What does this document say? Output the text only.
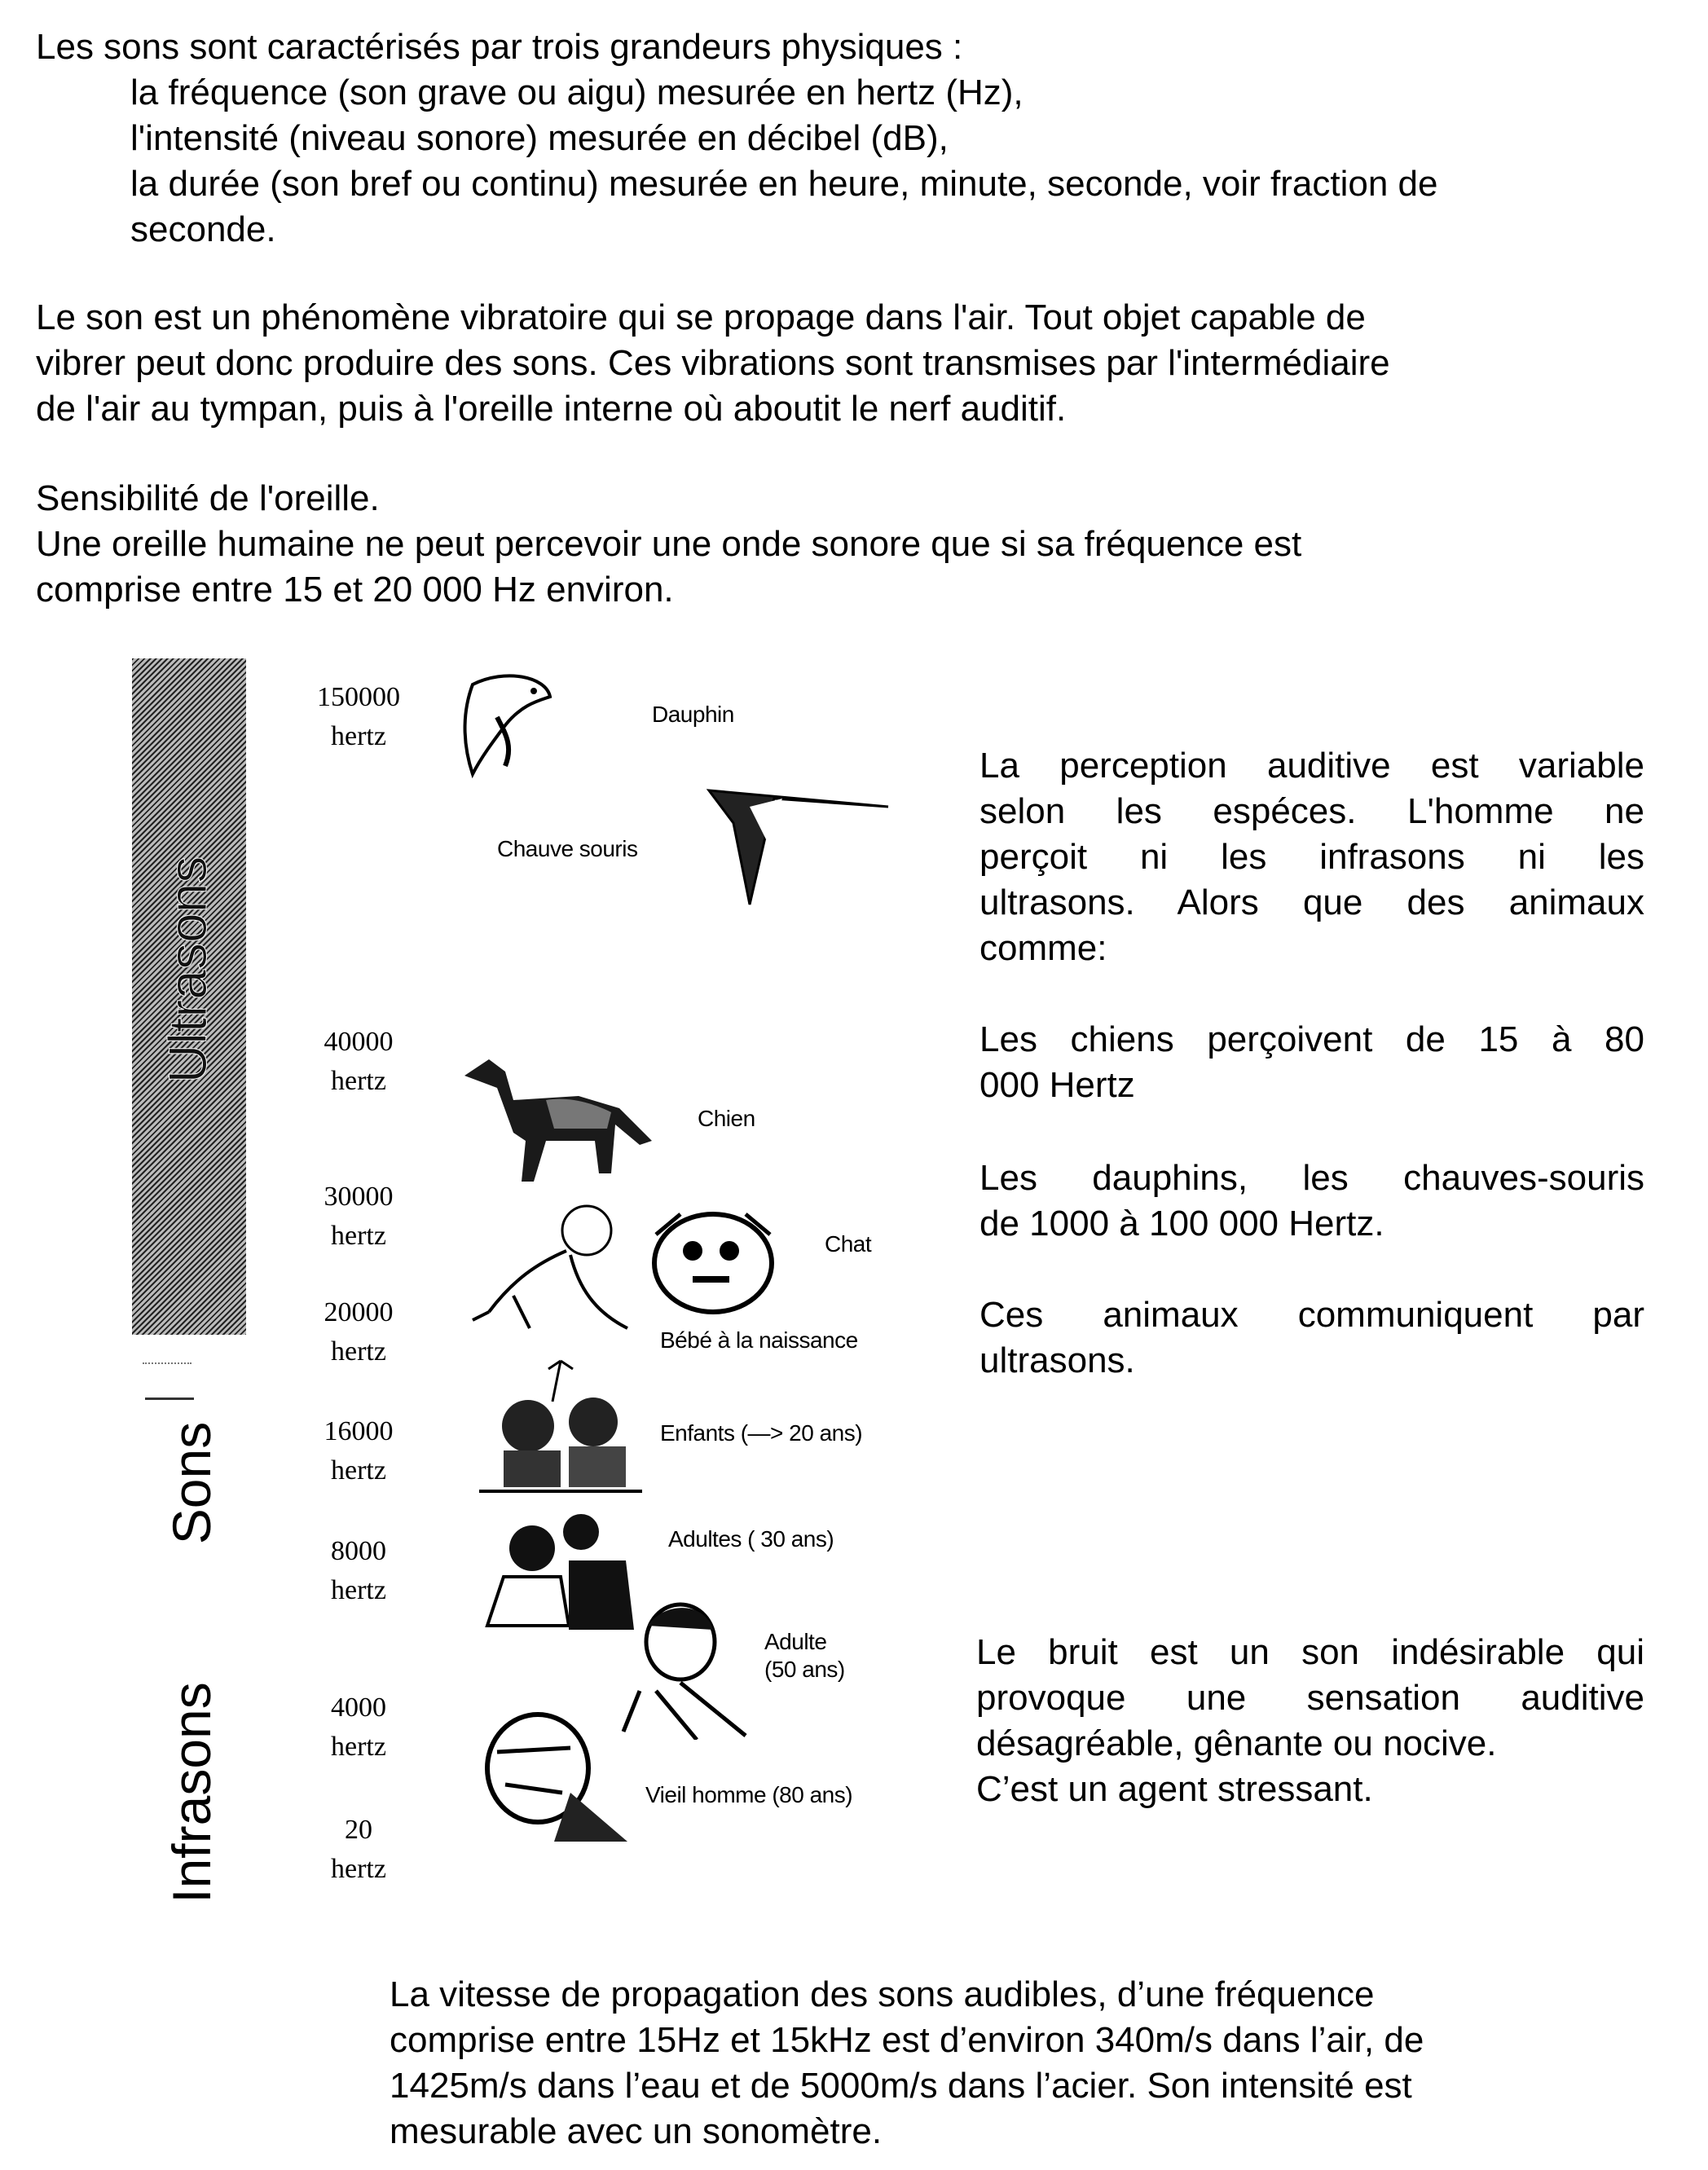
Les sons sont caractérisés par trois grandeurs physiques :
la fréquence (son grave ou aigu) mesurée en hertz (Hz),
l'intensité (niveau sonore) mesurée en décibel (dB),
la durée (son bref ou continu) mesurée en heure, minute, seconde, voir fraction de
seconde.
Le son est un phénomène vibratoire qui se propage dans l'air. Tout objet capable de
vibrer peut donc produire des sons. Ces vibrations sont transmises par l'intermédiaire
de l'air au tympan, puis à l'oreille interne où aboutit le nerf auditif.
Sensibilité de l'oreille.
Une oreille humaine ne peut percevoir une onde sonore que si sa fréquence est
comprise entre 15 et 20 000 Hz environ.
Ultrasons
Sons
Infrasons
150000
hertz
40000
hertz
30000
hertz
20000
hertz
16000
hertz
8000
hertz
4000
hertz
20
hertz
Dauphin
Chauve souris
Chien
Chat
Bébé à la naissance
Enfants (—> 20 ans)
Adultes ( 30 ans)
Adulte
(50 ans)
Vieil homme (80 ans)
La perception auditive est variable
selon les espéces. L'homme ne
perçoit ni les infrasons ni les
ultrasons. Alors que des animaux
comme:
Les chiens perçoivent de 15 à 80
000 Hertz
Les dauphins, les chauves-souris
de 1000 à 100 000 Hertz.
Ces animaux communiquent par
ultrasons.
Le bruit est un son indésirable qui
provoque une sensation auditive
désagréable, gênante ou nocive.
C’est un agent stressant.
La vitesse de propagation des sons audibles, d’une fréquence
comprise entre 15Hz et 15kHz est d’environ 340m/s dans l’air, de
1425m/s dans l’eau et de 5000m/s dans l’acier. Son intensité est
mesurable avec un sonomètre.
